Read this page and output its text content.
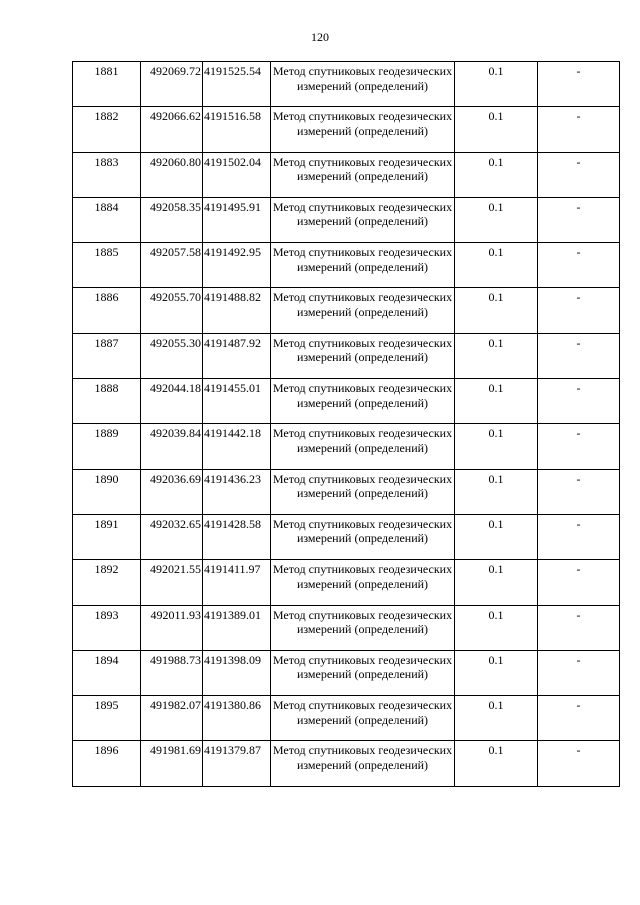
120
1881	492069.72	4191525.54	Метод спутниковых геодезических измерений (определений)	0.1	-
1882	492066.62	4191516.58	Метод спутниковых геодезических измерений (определений)	0.1	-
1883	492060.80	4191502.04	Метод спутниковых геодезических измерений (определений)	0.1	-
1884	492058.35	4191495.91	Метод спутниковых геодезических измерений (определений)	0.1	-
1885	492057.58	4191492.95	Метод спутниковых геодезических измерений (определений)	0.1	-
1886	492055.70	4191488.82	Метод спутниковых геодезических измерений (определений)	0.1	-
1887	492055.30	4191487.92	Метод спутниковых геодезических измерений (определений)	0.1	-
1888	492044.18	4191455.01	Метод спутниковых геодезических измерений (определений)	0.1	-
1889	492039.84	4191442.18	Метод спутниковых геодезических измерений (определений)	0.1	-
1890	492036.69	4191436.23	Метод спутниковых геодезических измерений (определений)	0.1	-
1891	492032.65	4191428.58	Метод спутниковых геодезических измерений (определений)	0.1	-
1892	492021.55	4191411.97	Метод спутниковых геодезических измерений (определений)	0.1	-
1893	492011.93	4191389.01	Метод спутниковых геодезических измерений (определений)	0.1	-
1894	491988.73	4191398.09	Метод спутниковых геодезических измерений (определений)	0.1	-
1895	491982.07	4191380.86	Метод спутниковых геодезических измерений (определений)	0.1	-
1896	491981.69	4191379.87	Метод спутниковых геодезических измерений (определений)	0.1	-
